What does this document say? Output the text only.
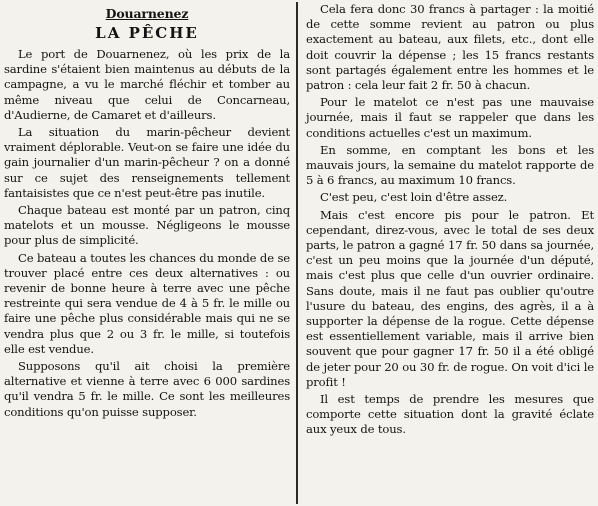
Douarnenez
LA PÊCHE

Le port de Douarnenez, où les prix de la sardine s'étaient bien maintenus au débuts de la campagne, a vu le marché fléchir et tomber au même niveau que celui de Concarneau, d'Audierne, de Camaret et d'ailleurs.

La situation du marin-pêcheur devient vraiment déplorable. Veut-on se faire une idée du gain journalier d'un marin-pêcheur ? on a donné sur ce sujet des renseignements tellement fantaisistes que ce n'est peut-être pas inutile.

Chaque bateau est monté par un patron, cinq matelots et un mousse. Négligeons le mousse pour plus de simplicité.

Ce bateau a toutes les chances du monde de se trouver placé entre ces deux alternatives : ou revenir de bonne heure à terre avec une pêche restreinte qui sera vendue de 4 à 5 fr. le mille ou faire une pêche plus considérable mais qui ne se vendra plus que 2 ou 3 fr. le mille, si toutefois elle est vendue.

Supposons qu'il ait choisi la première alternative et vienne à terre avec 6 000 sardines qu'il vendra 5 fr. le mille. Ce sont les meilleures conditions qu'on puisse supposer.

Cela fera donc 30 francs à partager : la moitié de cette somme revient au patron ou plus exactement au bateau, aux filets, etc., dont elle doit couvrir la dépense ; les 15 francs restants sont partagés également entre les hommes et le patron : cela leur fait 2 fr. 50 à chacun.

Pour le matelot ce n'est pas une mauvaise journée, mais il faut se rappeler que dans les conditions actuelles c'est un maximum.

En somme, en comptant les bons et les mauvais jours, la semaine du matelot rapporte de 5 à 6 francs, au maximum 10 francs.

C'est peu, c'est loin d'être assez.

Mais c'est encore pis pour le patron. Et cependant, direz-vous, avec le total de ses deux parts, le patron a gagné 17 fr. 50 dans sa journée, c'est un peu moins que la journée d'un député, mais c'est plus que celle d'un ouvrier ordinaire. Sans doute, mais il ne faut pas oublier qu'outre l'usure du bateau, des engins, des agrès, il a à supporter la dépense de la rogue. Cette dépense est essentiellement variable, mais il arrive bien souvent que pour gagner 17 fr. 50 il a été obligé de jeter pour 20 ou 30 fr. de rogue. On voit d'ici le profit !

Il est temps de prendre les mesures que comporte cette situation dont la gravité éclate aux yeux de tous.
